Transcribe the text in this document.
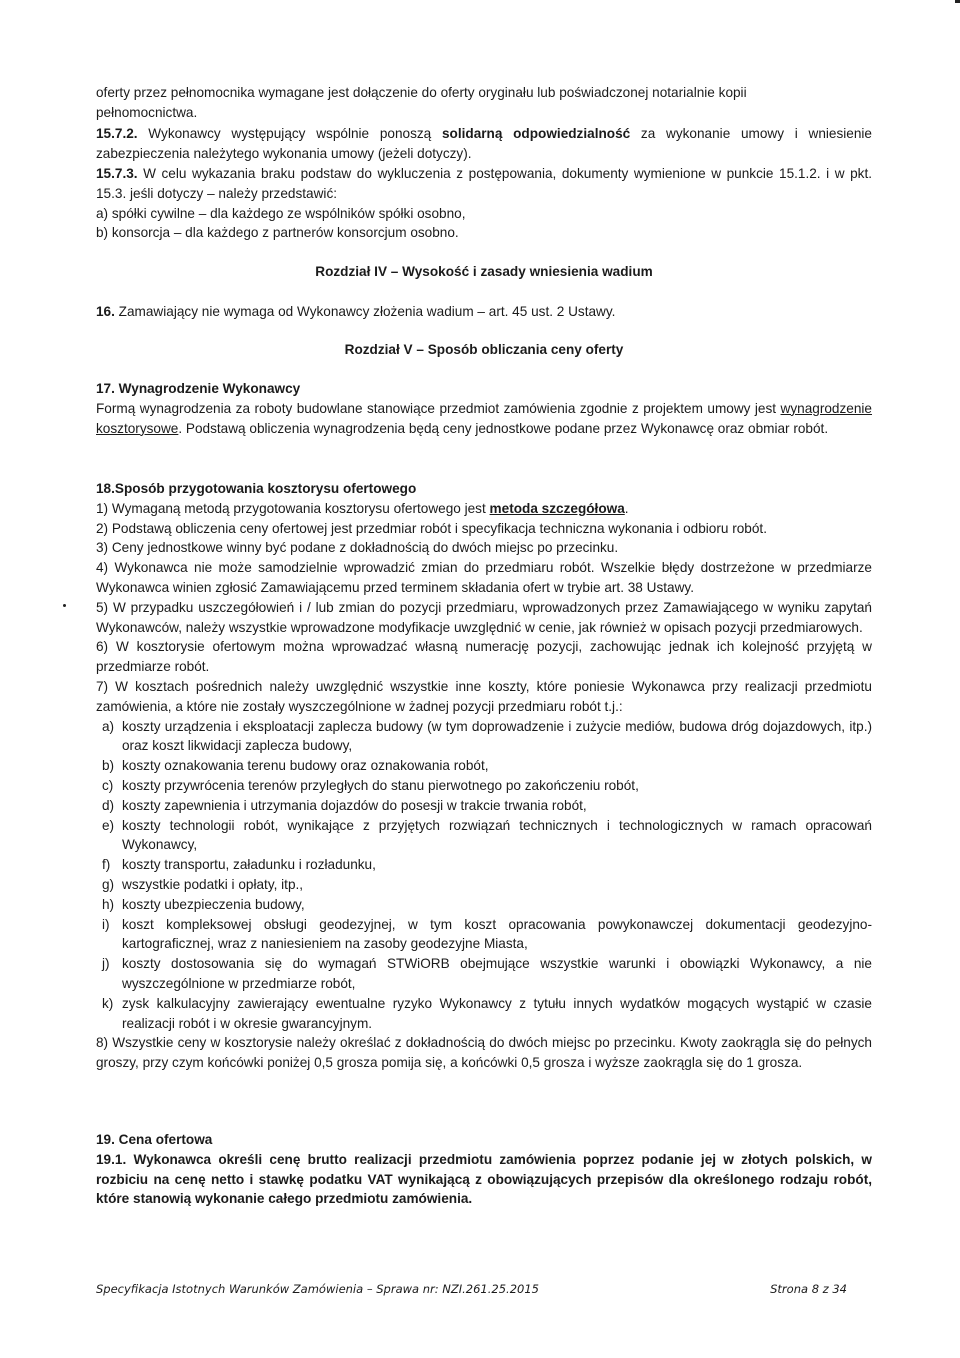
oferty przez pełnomocnika wymagane jest dołączenie do oferty oryginału lub poświadczonej notarialnie kopii

pełnomocnictwa.

15.7.2. Wykonawcy występujący wspólnie ponoszą solidarną odpowiedzialność za wykonanie umowy i wniesienie zabezpieczenia należytego wykonania umowy (jeżeli dotyczy).

15.7.3. W celu wykazania braku podstaw do wykluczenia z postępowania, dokumenty wymienione w punkcie 15.1.2. i w pkt. 15.3. jeśli dotyczy – należy przedstawić:

a) spółki cywilne – dla każdego ze wspólników spółki osobno,

b) konsorcja – dla każdego z partnerów konsorcjum osobno.

Rozdział IV – Wysokość i zasady wniesienia wadium

16. Zamawiający nie wymaga od Wykonawcy złożenia wadium – art. 45 ust. 2 Ustawy.

Rozdział V – Sposób obliczania ceny oferty

17. Wynagrodzenie Wykonawcy

Formą wynagrodzenia za roboty budowlane stanowiące przedmiot zamówienia zgodnie z projektem umowy jest wynagrodzenie kosztorysowe. Podstawą obliczenia wynagrodzenia będą ceny jednostkowe podane przez Wykonawcę oraz obmiar robót.

18.Sposób przygotowania kosztorysu ofertowego

1) Wymaganą metodą przygotowania kosztorysu ofertowego jest metoda szczegółowa.

2) Podstawą obliczenia ceny ofertowej jest przedmiar robót i specyfikacja techniczna wykonania i odbioru robót.

3) Ceny jednostkowe winny być podane z dokładnością do dwóch miejsc po przecinku.

4) Wykonawca nie może samodzielnie wprowadzić zmian do przedmiaru robót. Wszelkie błędy dostrzeżone w przedmiarze Wykonawca winien zgłosić Zamawiającemu przed terminem składania ofert w trybie art. 38 Ustawy.

5) W przypadku uszczegółowień i / lub zmian do pozycji przedmiaru, wprowadzonych przez Zamawiającego w wyniku zapytań Wykonawców, należy wszystkie wprowadzone modyfikacje uwzględnić w cenie, jak również w opisach pozycji przedmiarowych.

6) W kosztorysie ofertowym można wprowadzać własną numerację pozycji, zachowując jednak ich kolejność przyjętą w przedmiarze robót.

7) W kosztach pośrednich należy uwzględnić wszystkie inne koszty, które poniesie Wykonawca przy realizacji przedmiotu zamówienia, a które nie zostały wyszczególnione w żadnej pozycji przedmiaru robót t.j.:

a) koszty urządzenia i eksploatacji zaplecza budowy (w tym doprowadzenie i zużycie mediów, budowa dróg dojazdowych, itp.) oraz koszt likwidacji zaplecza budowy,
b) koszty oznakowania terenu budowy oraz oznakowania robót,
c) koszty przywrócenia terenów przyległych do stanu pierwotnego po zakończeniu robót,
d) koszty zapewnienia i utrzymania dojazdów do posesji w trakcie trwania robót,
e) koszty technologii robót, wynikające z przyjętych rozwiązań technicznych i technologicznych w ramach opracowań Wykonawcy,
f) koszty transportu, załadunku i rozładunku,
g) wszystkie podatki i opłaty, itp.,
h) koszty ubezpieczenia budowy,
i) koszt kompleksowej obsługi geodezyjnej, w tym koszt opracowania powykonawczej dokumentacji geodezyjno-kartograficznej, wraz z naniesieniem na zasoby geodezyjne Miasta,
j) koszty dostosowania się do wymagań STWiORB obejmujące wszystkie warunki i obowiązki Wykonawcy, a nie wyszczególnione w przedmiarze robót,
k) zysk kalkulacyjny zawierający ewentualne ryzyko Wykonawcy z tytułu innych wydatków mogących wystąpić w czasie realizacji robót i w okresie gwarancyjnym.

8) Wszystkie ceny w kosztorysie należy określać z dokładnością do dwóch miejsc po przecinku. Kwoty zaokrągla się do pełnych groszy, przy czym końcówki poniżej 0,5 grosza pomija się, a końcówki 0,5 grosza i wyższe zaokrągla się do 1 grosza.

19. Cena ofertowa

19.1. Wykonawca określi cenę brutto realizacji przedmiotu zamówienia poprzez podanie jej w złotych polskich, w rozbiciu na cenę netto i stawkę podatku VAT wynikającą z obowiązujących przepisów dla określonego rodzaju robót, które stanowią wykonanie całego przedmiotu zamówienia.

Specyfikacja Istotnych Warunków Zamówienia – Sprawa nr: NZI.261.25.2015	Strona 8 z 34
